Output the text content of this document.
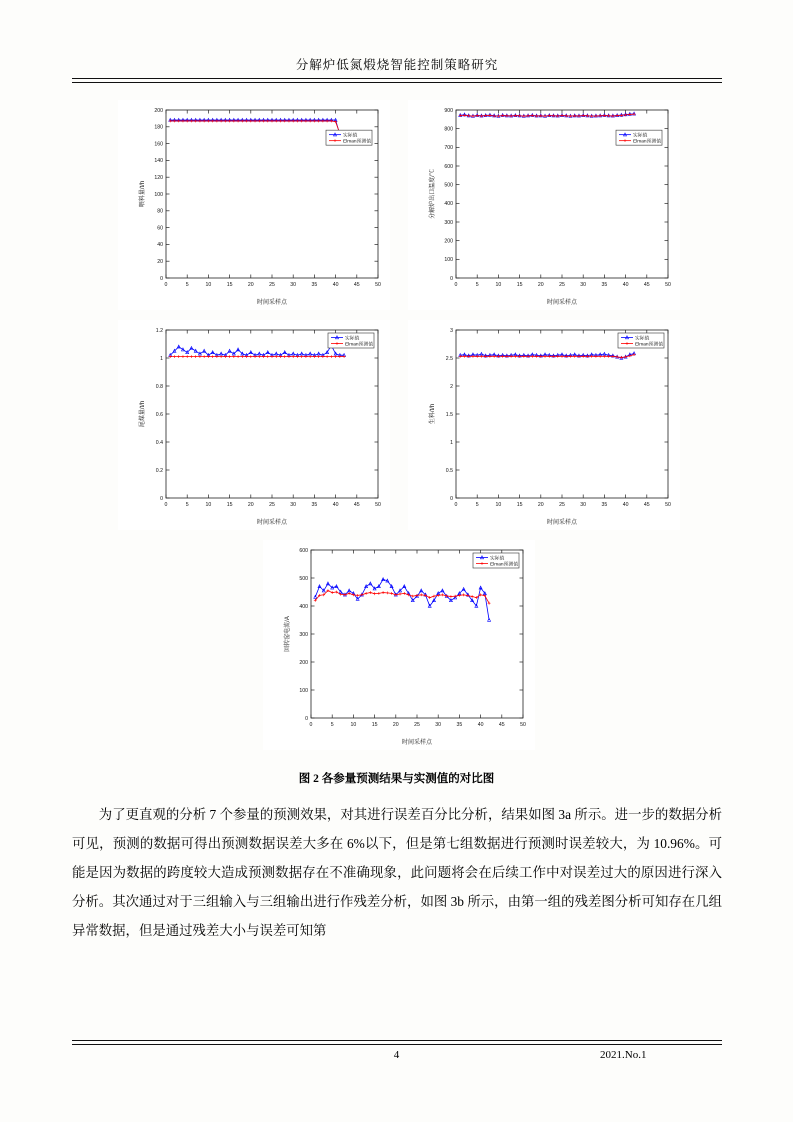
分解炉低氮煅烧智能控制策略研究
0	5	10	15	20	25	30	35	40	45	50
0
20
40
60
80
100
120
140
160
180
200
时间采样点
喂料量/t/h
实际值
Elman预测值
0	5	10	15	20	25	30	35	40	45	50
0
100
200
300
400
500
600
700
800
900
时间采样点
分解炉出口温度/℃
实际值
Elman预测值
0	5	10	15	20	25	30	35	40	45	50
0
0.2
0.4
0.6
0.8
1
1.2
时间采样点
尾煤量/t/h
实际值
Elman预测值
0	5	10	15	20	25	30	35	40	45	50
0
0.5
1
1.5
2
2.5
3
时间采样点
生料/t/h
实际值
Elman预测值
0	5	10	15	20	25	30	35	40	45	50
0
100
200
300
400
500
600
时间采样点
回转窑电流/A
实际值
Elman预测值
图 2 各参量预测结果与实测值的对比图

为了更直观的分析 7 个参量的预测效果，对其进行误差百分比分析，结果如图 3a 所示。进一步的数据分析可见，预测的数据可得出预测数据误差大多在 6%以下，但是第七组数据进行预测时误差较大，为 10.96%。可能是因为数据的跨度较大造成预测数据存在不准确现象，此问题将会在后续工作中对误差过大的原因进行深入分析。其次通过对于三组输入与三组输出进行作残差分析，如图 3b 所示，由第一组的残差图分析可知存在几组异常数据，但是通过残差大小与误差可知第

4	2021.No.1
